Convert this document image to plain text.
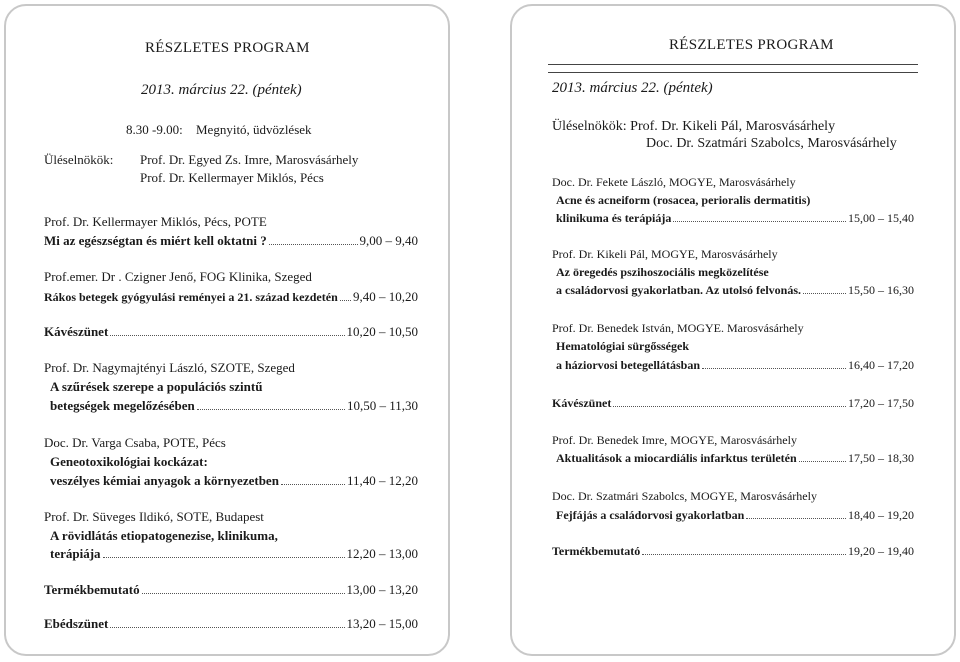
RÉSZLETES PROGRAM
2013. március 22. (péntek)
8.30 -9.00: Megnyitó, üdvözlések
Üléselnökök: Prof. Dr. Egyed Zs. Imre, Marosvásárhely
Prof. Dr. Kellermayer Miklós, Pécs
Prof. Dr. Kellermayer Miklós, Pécs, POTE
Mi az egészségtan és miért kell oktatni ?	9,00 – 9,40
Prof.emer. Dr . Czigner Jenő, FOG Klinika, Szeged
Rákos betegek gyógyulási reményei a 21. század kezdetén 9,40 – 10,20
Kávészünet	10,20 – 10,50
Prof. Dr. Nagymajtényi László, SZOTE, Szeged
A szűrések szerepe a populációs szintű
betegségek megelőzésében	10,50 – 11,30
Doc. Dr. Varga Csaba, POTE, Pécs
Geneotoxikológiai kockázat:
veszélyes kémiai anyagok a környezetben	11,40 – 12,20
Prof. Dr. Süveges Ildikó, SOTE, Budapest
A rövidlátás etiopatogenezise, klinikuma,
terápiája	12,20 – 13,00
Termékbemutató	13,00 – 13,20
Ebédszünet	13,20 – 15,00
RÉSZLETES PROGRAM
2013. március 22. (péntek)
Üléselnökök: Prof. Dr. Kikeli Pál, Marosvásárhely
Doc. Dr. Szatmári Szabolcs, Marosvásárhely
Doc. Dr. Fekete László, MOGYE, Marosvásárhely
Acne és acneiform (rosacea, perioralis dermatitis)
klinikuma és terápiája	15,00 – 15,40
Prof. Dr. Kikeli Pál, MOGYE, Marosvásárhely
Az öregedés pszihoszociális megközelítése
a családorvosi gyakorlatban. Az utolsó felvonás.	15,50 – 16,30
Prof. Dr. Benedek István, MOGYE. Marosvásárhely
Hematológiai sürgősségek
a háziorvosi betegellátásban	16,40 – 17,20
Kávészünet	17,20 – 17,50
Prof. Dr. Benedek Imre, MOGYE, Marosvásárhely
Aktualitások a miocardiális infarktus területén	17,50 – 18,30
Doc. Dr. Szatmári Szabolcs, MOGYE, Marosvásárhely
Fejfájás a családorvosi gyakorlatban	18,40 – 19,20
Termékbemutató	19,20 – 19,40
